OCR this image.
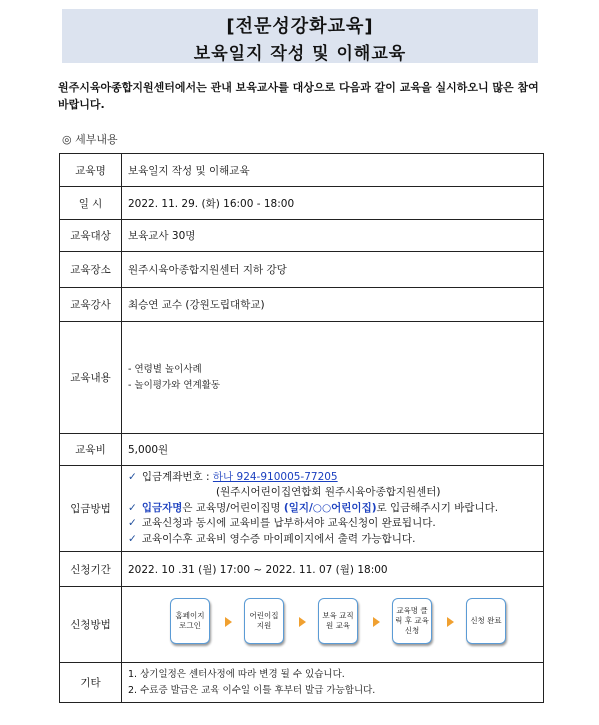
[전문성강화교육]
보육일지 작성 및 이해교육
원주시육아종합지원센터에서는 관내 보육교사를 대상으로 다음과 같이 교육을 실시하오니 많은 참여바랍니다.
◎ 세부내용
교육명	보육일지 작성 및 이해교육
일 시	2022. 11. 29. (화) 16:00 - 18:00
교육대상	보육교사 30명
교육장소	원주시육아종합지원센터 지하 강당
교육강사	최승연 교수 (강원도립대학교)
교육내용	- 연령별 놀이사례
- 놀이평가와 연계활동

교육비	5,000원
입금방법	✓ 입금계좌번호 : 하나 924-910005-77205
(원주시어린이집연합회 원주시육아종합지원센터)
✓ 입금자명은 교육명/어린이집명 (일지/○○어린이집)로 입금해주시기 바랍니다.
✓ 교육신청과 동시에 교육비를 납부하셔야 교육신청이 완료됩니다.
✓ 교육이수후 교육비 영수증 마이페이지에서 출력 가능합니다.

신청기간	2022. 10 .31 (월) 17:00 ~ 2022. 11. 07 (월) 18:00
신청방법	홈페이지 로그인
어린이집 지원
보육 교직원 교육
교육명 클릭 후 교육신청
신청 완료

기타	1. 상기일정은 센터사정에 따라 변경 될 수 있습니다.
2. 수료증 발급은 교육 이수일 이틀 후부터 발급 가능합니다.
